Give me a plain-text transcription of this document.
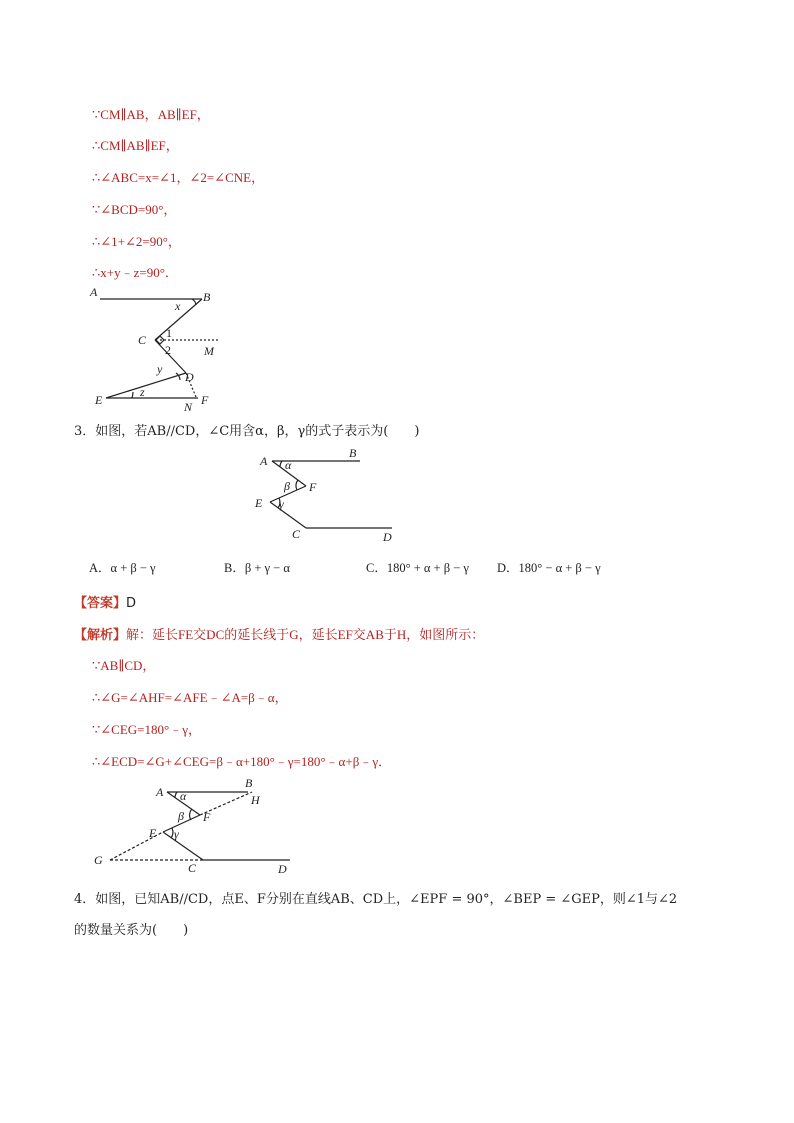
∵CM∥AB，AB∥EF，
∴CM∥AB∥EF，
∴∠ABC=x=∠1，∠2=∠CNE，
∵∠BCD=90°，
∴∠1+∠2=90°，
∴x+y﹣z=90°．
A	B
x
C 1
2	M
y
D
z
E	N F
3．如图，若AB//CD，∠C用含α，β，γ的式子表示为(　　)
A
B
α
β F
E γ
C	D
A．α + β − γ	B．β + γ − α	C．180° + α + β − γ D．180° − α + β − γ
【答案】D
【解析】解：延长FE交DC的延长线于G，延长EF交AB于H，如图所示：
∵AB∥CD，
∴∠G=∠AHF=∠AFE﹣∠A=β﹣α，
∵∠CEG=180°﹣γ，
∴∠ECD=∠G+∠CEG=β﹣α+180°﹣γ=180°﹣α+β﹣γ．
A
B
α	H
β F
E γ
G
C	D
4．如图，已知AB//CD，点E、F分别在直线AB、CD上，∠EPF = 90°，∠BEP = ∠GEP，则∠1与∠2
的数量关系为(　　)
